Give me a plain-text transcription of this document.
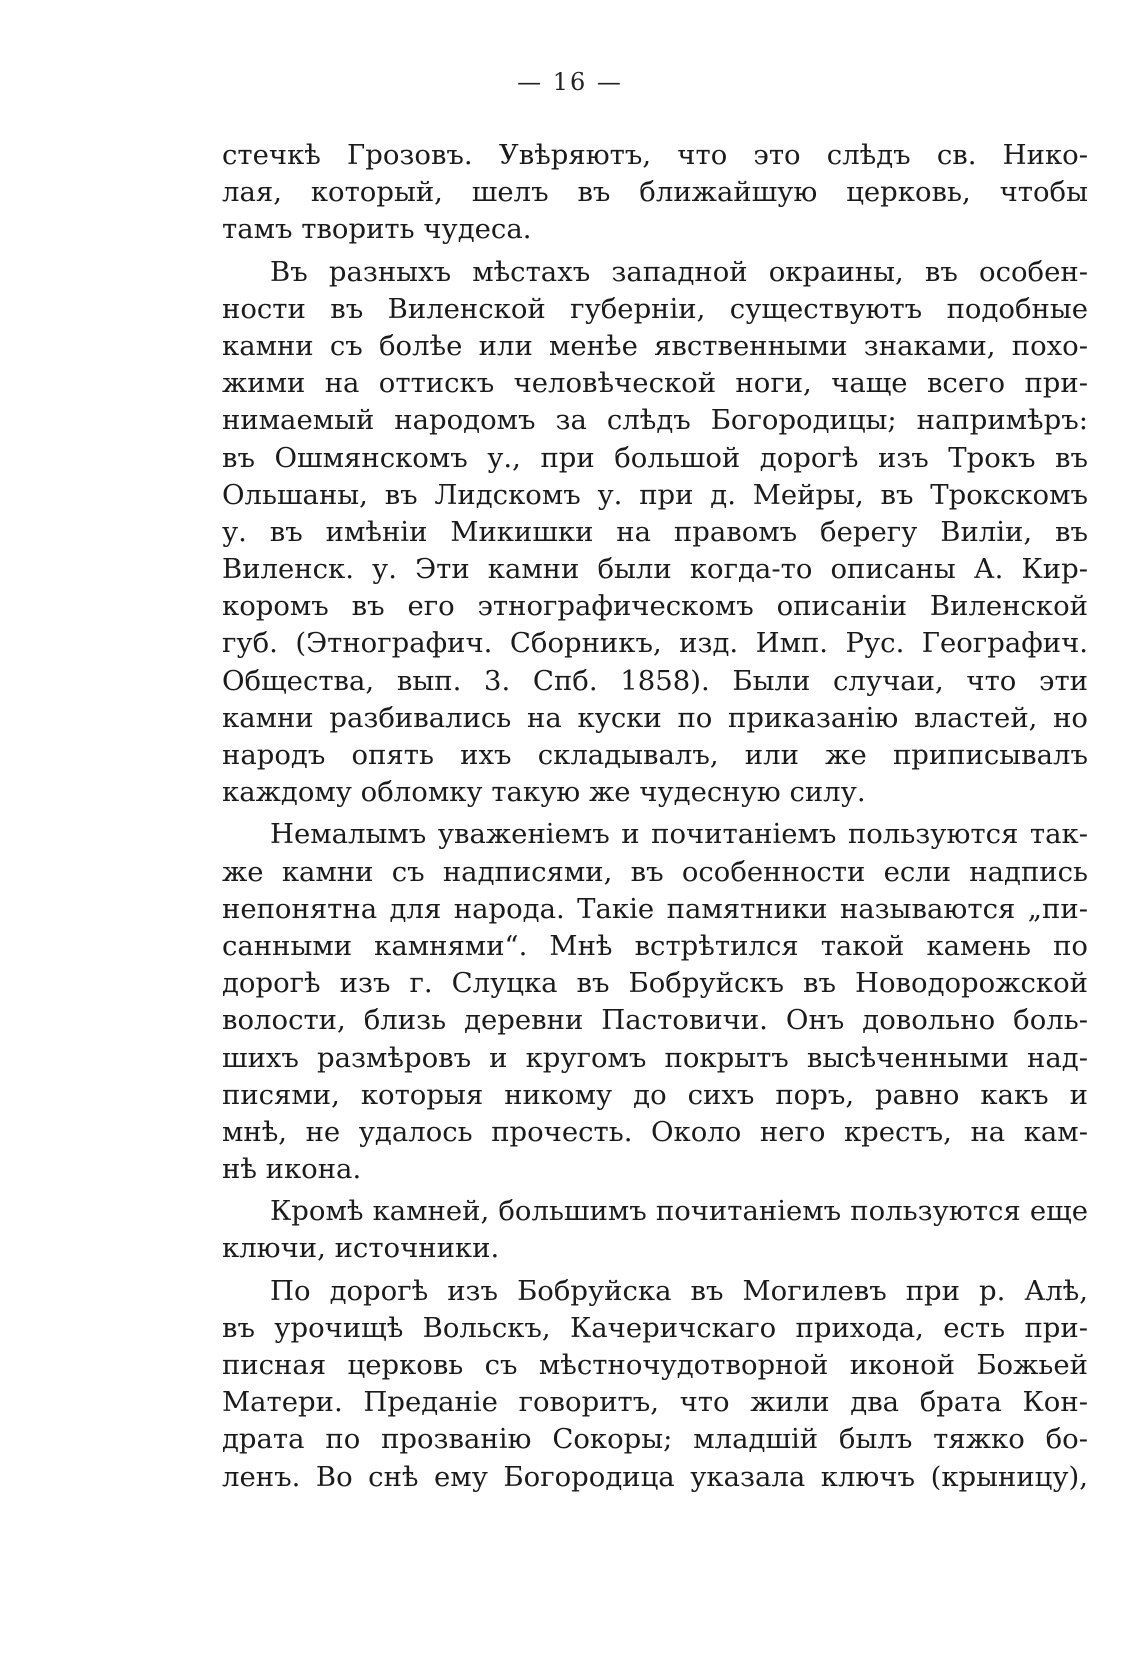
— 16 —
стечкѣ Грозовъ. Увѣряютъ, что это слѣдъ св. Нико-
лая, который, шелъ въ ближайшую церковь, чтобы
тамъ творить чудеса.
Въ разныхъ мѣстахъ западной окраины, въ особен-
ности въ Виленской губерніи, существуютъ подобные
камни съ болѣе или менѣе явственными знаками, похо-
жими на оттискъ человѣческой ноги, чаще всего при-
нимаемый народомъ за слѣдъ Богородицы; напримѣръ:
въ Ошмянскомъ у., при большой дорогѣ изъ Трокъ въ
Ольшаны, въ Лидскомъ у. при д. Мейры, въ Трокскомъ
у. въ имѣніи Микишки на правомъ берегу Виліи, въ
Виленск. у. Эти камни были когда-то описаны А. Кир-
коромъ въ его этнографическомъ описаніи Виленской
губ. (Этнографич. Сборникъ, изд. Имп. Рус. Географич.
Общества, вып. 3. Спб. 1858). Были случаи, что эти
камни разбивались на куски по приказанію властей, но
народъ опять ихъ складывалъ, или же приписывалъ
каждому обломку такую же чудесную силу.
Немалымъ уваженіемъ и почитаніемъ пользуются так-
же камни съ надписями, въ особенности если надпись
непонятна для народа. Такіе памятники называются „пи-
санными камнями“. Мнѣ встрѣтился такой камень по
дорогѣ изъ г. Слуцка въ Бобруйскъ въ Новодорожской
волости, близь деревни Пастовичи. Онъ довольно боль-
шихъ размѣровъ и кругомъ покрытъ высѣченными над-
писями, которыя никому до сихъ поръ, равно какъ и
мнѣ, не удалось прочесть. Около него крестъ, на кам-
нѣ икона.
Кромѣ камней, большимъ почитаніемъ пользуются еще
ключи, источники.
По дорогѣ изъ Бобруйска въ Могилевъ при р. Алѣ,
въ урочищѣ Вольскъ, Качеричскаго прихода, есть при-
писная церковь съ мѣстночудотворной иконой Божьей
Матери. Преданіе говоритъ, что жили два брата Кон-
драта по прозванію Сокоры; младшій былъ тяжко бо-
ленъ. Во снѣ ему Богородица указала ключъ (крыницу),
